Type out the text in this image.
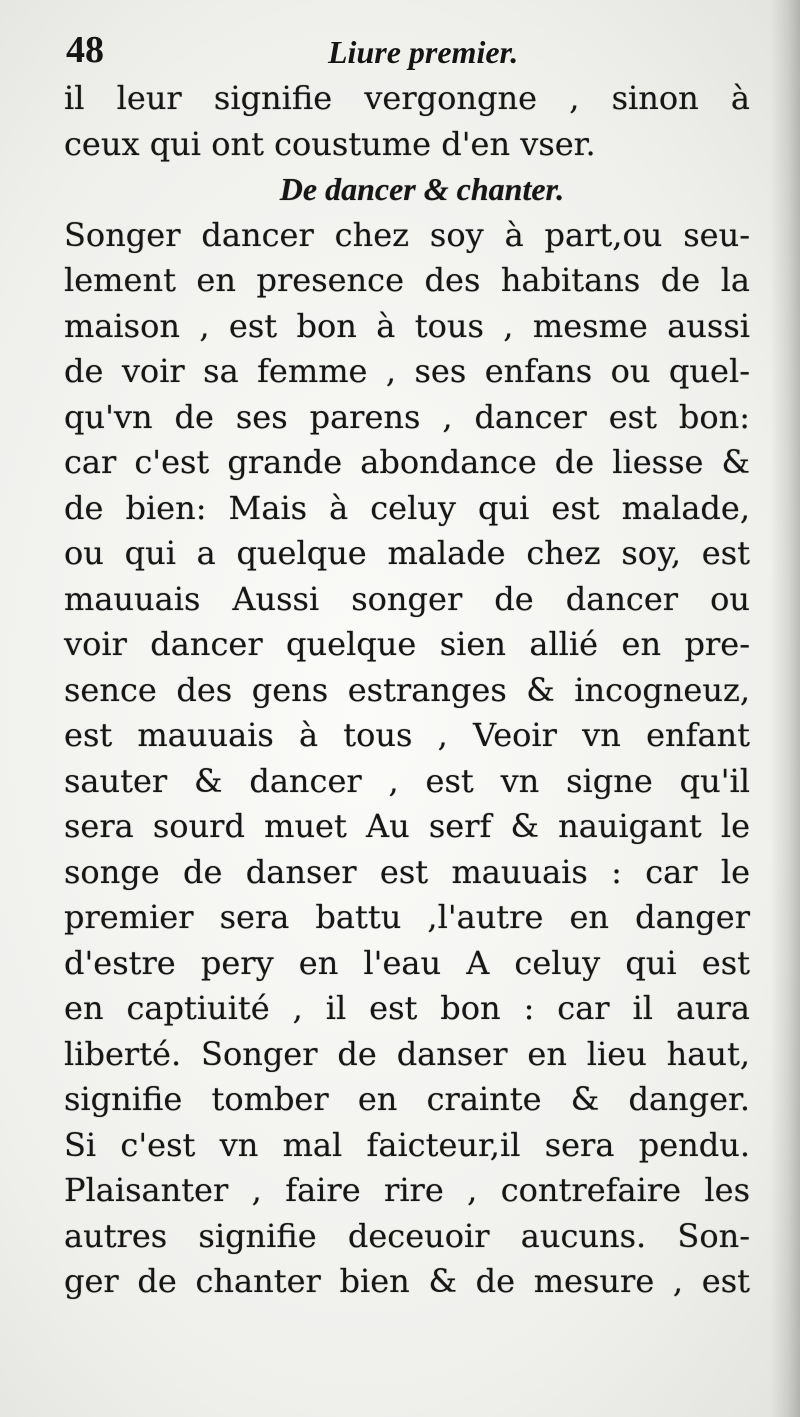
48	Liure premier.
il leur signifie vergongne , sinon à
ceux qui ont coustume d'en vser.
De dancer & chanter.
Songer dancer chez soy à part,ou seu-
lement en presence des habitans de la
maison , est bon à tous , mesme aussi
de voir sa femme , ses enfans ou quel-
qu'vn de ses parens , dancer est bon:
car c'est grande abondance de liesse &
de bien: Mais à celuy qui est malade,
ou qui a quelque malade chez soy, est
mauuais Aussi songer de dancer ou
voir dancer quelque sien allié en pre-
sence des gens estranges & incogneuz,
est mauuais à tous , Veoir vn enfant
sauter & dancer , est vn signe qu'il
sera sourd muet Au serf & nauigant le
songe de danser est mauuais : car le
premier sera battu ,l'autre en danger
d'estre pery en l'eau A celuy qui est
en captiuité , il est bon : car il aura
liberté. Songer de danser en lieu haut,
signifie tomber en crainte & danger.
Si c'est vn mal faicteur,il sera pendu.
Plaisanter , faire rire , contrefaire les
autres signifie deceuoir aucuns. Son-
ger de chanter bien & de mesure , est
